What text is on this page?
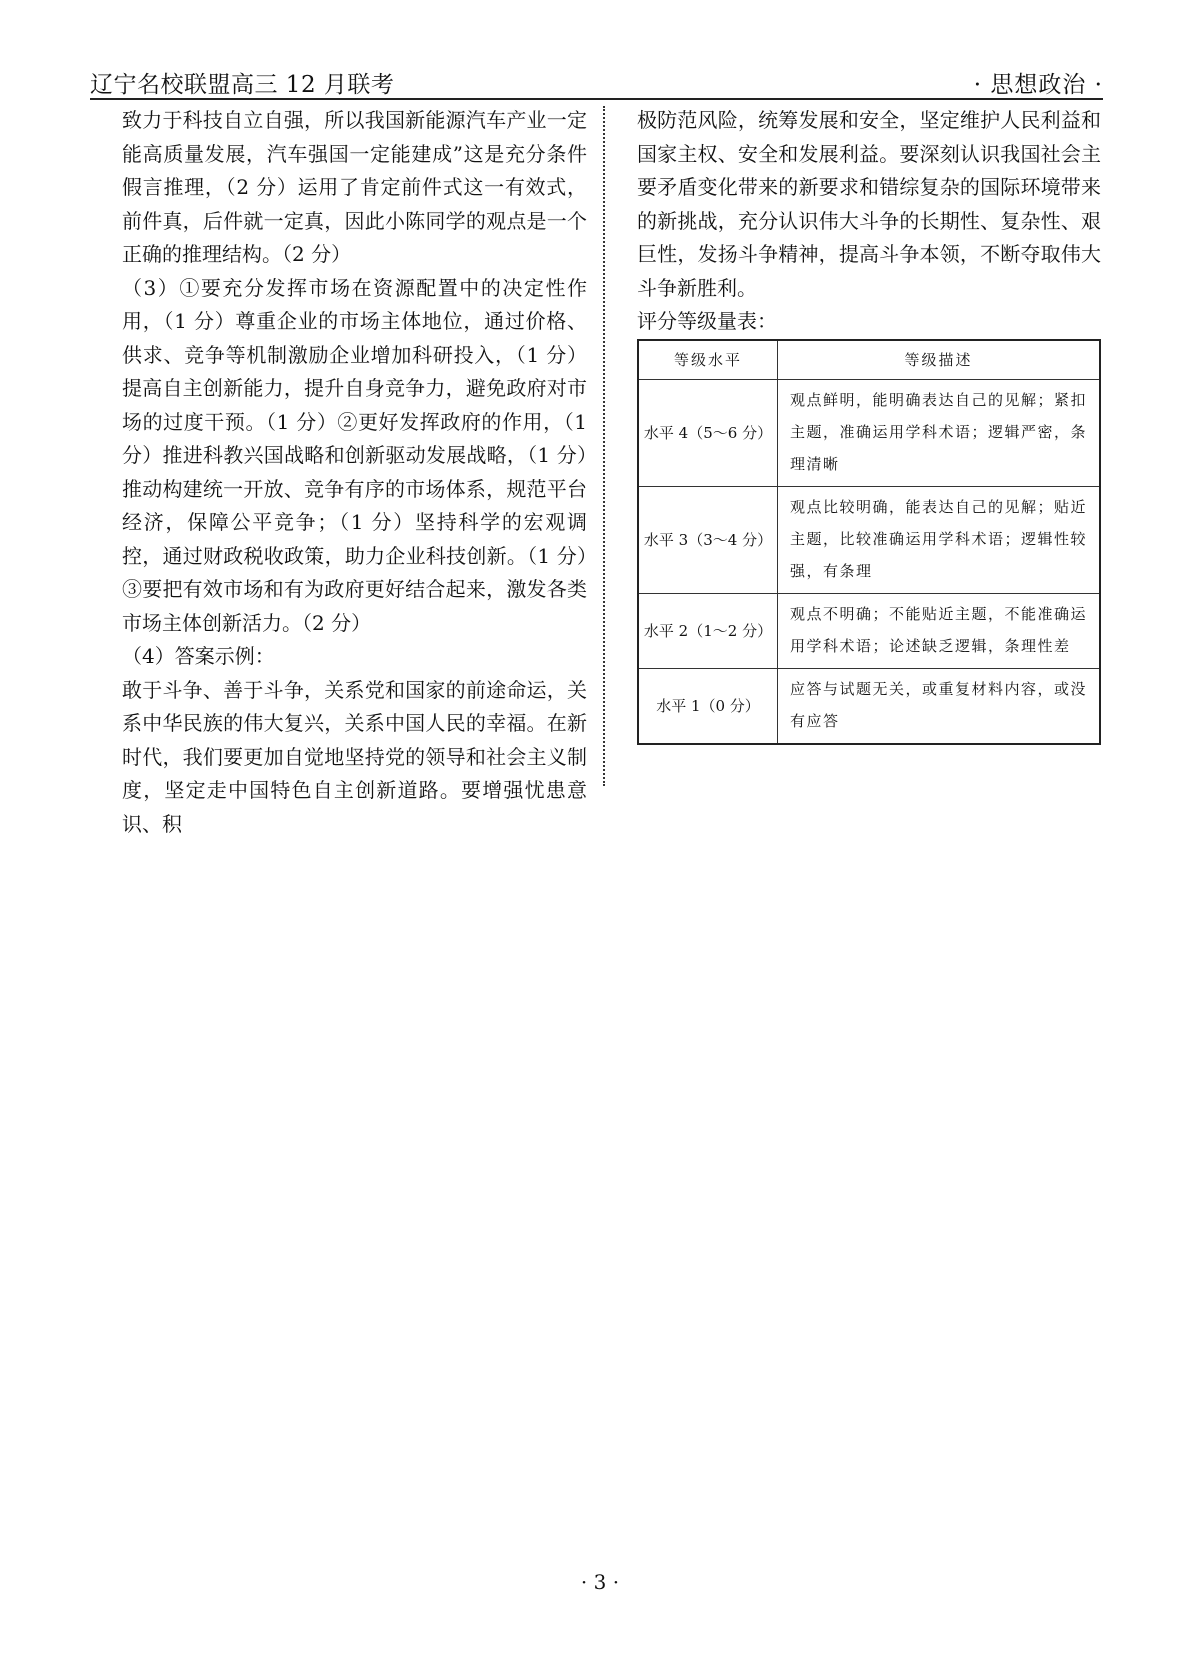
辽宁名校联盟高三 12 月联考	· 思想政治 ·

致力于科技自立自强，所以我国新能源汽车产业一定能高质量发展，汽车强国一定能建成”这是充分条件假言推理，（2 分）运用了肯定前件式这一有效式，前件真，后件就一定真，因此小陈同学的观点是一个正确的推理结构。（2 分）

（3）①要充分发挥市场在资源配置中的决定性作用，（1 分）尊重企业的市场主体地位，通过价格、供求、竞争等机制激励企业增加科研投入，（1 分）提高自主创新能力，提升自身竞争力，避免政府对市场的过度干预。（1 分）②更好发挥政府的作用，（1 分）推进科教兴国战略和创新驱动发展战略，（1 分）推动构建统一开放、竞争有序的市场体系，规范平台经济，保障公平竞争；（1 分）坚持科学的宏观调控，通过财政税收政策，助力企业科技创新。（1 分）③要把有效市场和有为政府更好结合起来，激发各类市场主体创新活力。（2 分）

（4）答案示例：

敢于斗争、善于斗争，关系党和国家的前途命运，关系中华民族的伟大复兴，关系中国人民的幸福。在新时代，我们要更加自觉地坚持党的领导和社会主义制度，坚定走中国特色自主创新道路。要增强忧患意识、积

极防范风险，统筹发展和安全，坚定维护人民利益和国家主权、安全和发展利益。要深刻认识我国社会主要矛盾变化带来的新要求和错综复杂的国际环境带来的新挑战，充分认识伟大斗争的长期性、复杂性、艰巨性，发扬斗争精神，提高斗争本领，不断夺取伟大斗争新胜利。

评分等级量表：

等级水平	等级描述
水平 4（5～6 分）	观点鲜明，能明确表达自己的见解；紧扣主题，准确运用学科术语；逻辑严密，条理清晰
水平 3（3～4 分）	观点比较明确，能表达自己的见解；贴近主题，比较准确运用学科术语；逻辑性较强，有条理
水平 2（1～2 分）	观点不明确；不能贴近主题，不能准确运用学科术语；论述缺乏逻辑，条理性差
水平 1（0 分）	应答与试题无关，或重复材料内容，或没有应答
· 3 ·
